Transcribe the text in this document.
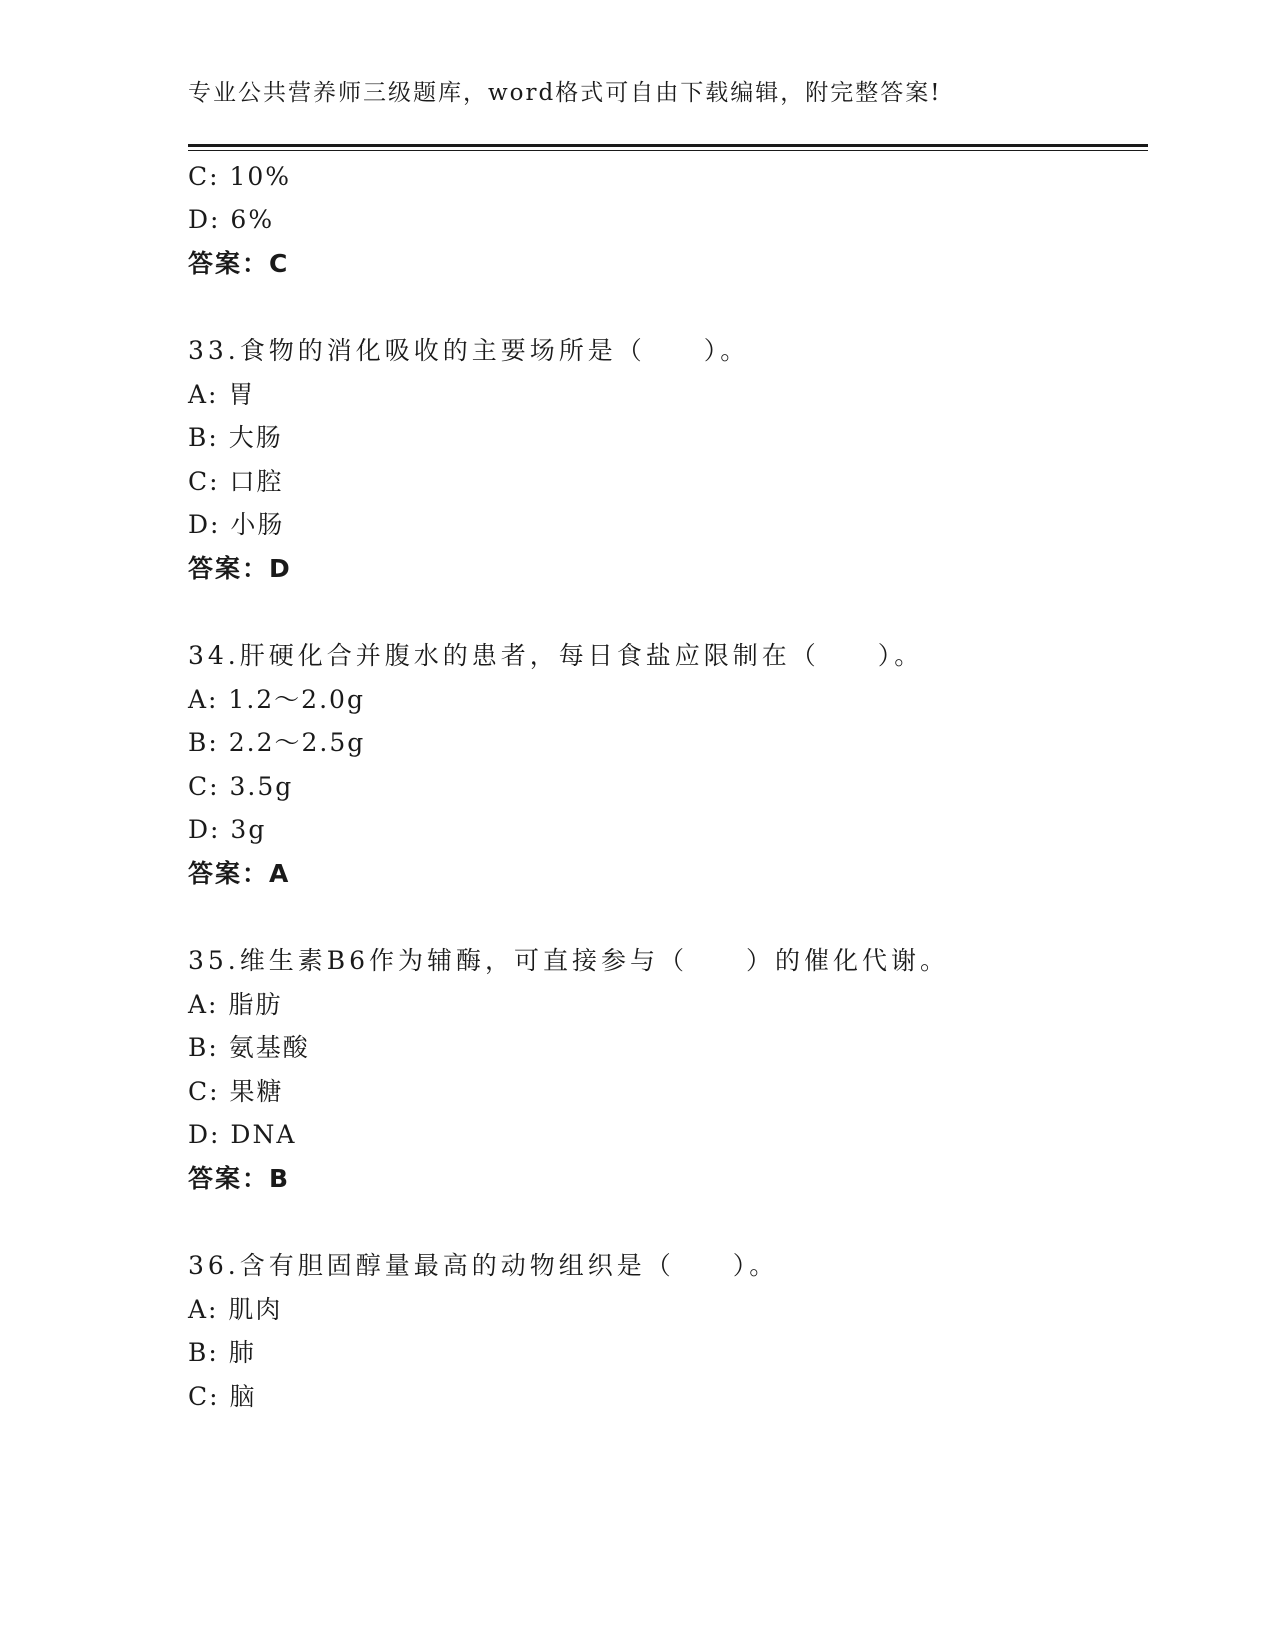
专业公共营养师三级题库，word格式可自由下载编辑，附完整答案!
C: 10%
D: 6%
答案：C
33.食物的消化吸收的主要场所是（　　）。
A: 胃
B: 大肠
C: 口腔
D: 小肠
答案：D
34.肝硬化合并腹水的患者，每日食盐应限制在（　　）。
A: 1.2～2.0g
B: 2.2～2.5g
C: 3.5g
D: 3g
答案：A
35.维生素B6作为辅酶，可直接参与（　　）的催化代谢。
A: 脂肪
B: 氨基酸
C: 果糖
D: DNA
答案：B
36.含有胆固醇量最高的动物组织是（　　）。
A: 肌肉
B: 肺
C: 脑
